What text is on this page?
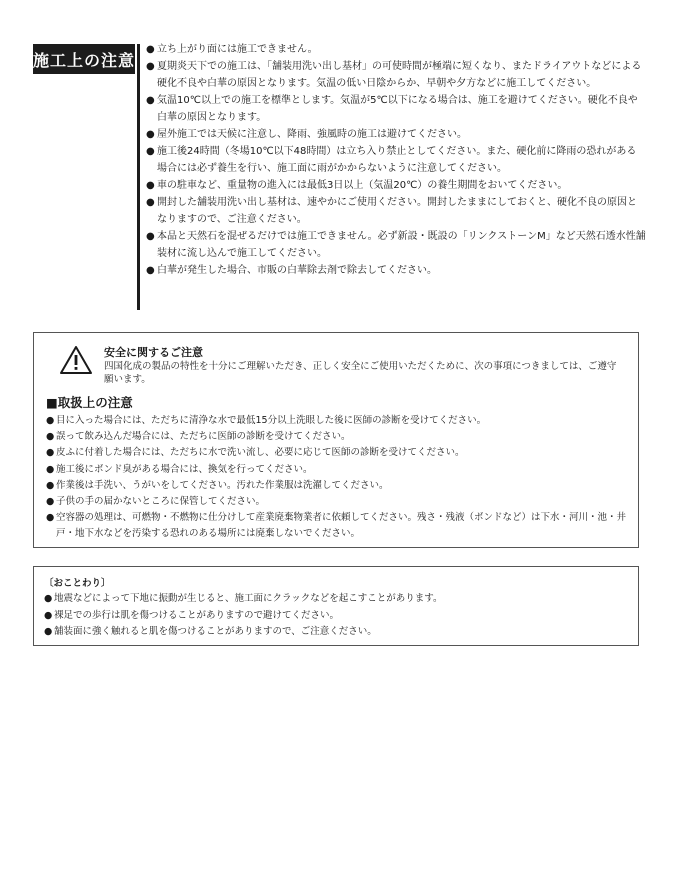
施工上の注意
● 立ち上がり面には施工できません。
● 夏期炎天下での施工は、「舗装用洗い出し基材」の可使時間が極端に短くなり、またドライアウトなどによる硬化不良や白華の原因となります。気温の低い日陰からか、早朝や夕方などに施工してください。
● 気温10℃以上での施工を標準とします。気温が5℃以下になる場合は、施工を避けてください。硬化不良や白華の原因となります。
● 屋外施工では天候に注意し、降雨、強風時の施工は避けてください。
● 施工後24時間（冬場10℃以下48時間）は立ち入り禁止としてください。また、硬化前に降雨の恐れがある場合には必ず養生を行い、施工面に雨がかからないように注意してください。
● 車の駐車など、重量物の進入には最低3日以上（気温20℃）の養生期間をおいてください。
● 開封した舗装用洗い出し基材は、速やかにご使用ください。開封したままにしておくと、硬化不良の原因となりますので、ご注意ください。
● 本品と天然石を混ぜるだけでは施工できません。必ず新設・既設の「リンクストーンM」など天然石透水性舗装材に流し込んで施工してください。
● 白華が発生した場合、市販の白華除去剤で除去してください。
安全に関するご注意
四国化成の製品の特性を十分にご理解いただき、正しく安全にご使用いただくために、次の事項につきましては、ご遵守願います。
■取扱上の注意
● 目に入った場合には、ただちに清浄な水で最低15分以上洗眼した後に医師の診断を受けてください。
● 誤って飲み込んだ場合には、ただちに医師の診断を受けてください。
● 皮ふに付着した場合には、ただちに水で洗い流し、必要に応じて医師の診断を受けてください。
● 施工後にボンド臭がある場合には、換気を行ってください。
● 作業後は手洗い、うがいをしてください。汚れた作業服は洗濯してください。
● 子供の手の届かないところに保管してください。
● 空容器の処理は、可燃物・不燃物に仕分けして産業廃棄物業者に依頼してください。残さ・残液（ボンドなど）は下水・河川・池・井戸・地下水などを汚染する恐れのある場所には廃棄しないでください。
〔おことわり〕
● 地震などによって下地に振動が生じると、施工面にクラックなどを起こすことがあります。
● 裸足での歩行は肌を傷つけることがありますので避けてください。
● 舗装面に強く触れると肌を傷つけることがありますので、ご注意ください。
